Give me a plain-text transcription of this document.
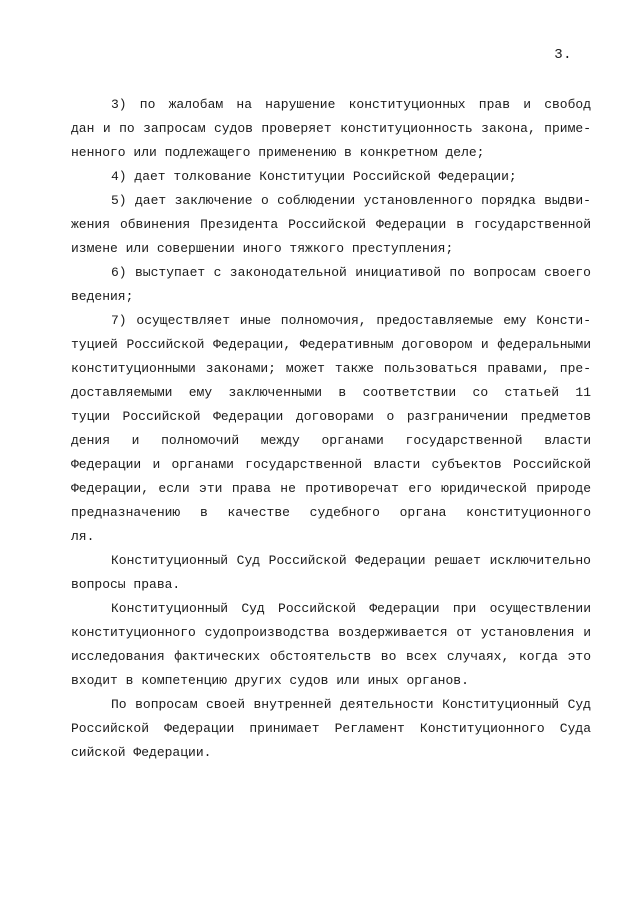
3.
3) по жалобам на нарушение конституционных прав и свобод
дан и по запросам судов проверяет конституционность закона, приме-
ненного или подлежащего применению в конкретном деле;
4) дает толкование Конституции Российской Федерации;
5) дает заключение о соблюдении установленного порядка выдви-
жения обвинения Президента Российской Федерации в государственной
измене или совершении иного тяжкого преступления;
6) выступает с законодательной инициативой по вопросам своего
ведения;
7) осуществляет иные полномочия, предоставляемые ему Консти-
туцией Российской Федерации, Федеративным договором и федеральными
конституционными законами; может также пользоваться правами, пре-
доставляемыми ему заключенными в соответствии со статьей 11
туции Российской Федерации договорами о разграничении предметов
дения и полномочий между органами государственной власти
Федерации и органами государственной власти субъектов Российской
Федерации, если эти права не противоречат его юридической природе
предназначению в качестве судебного органа конституционного
ля.
Конституционный Суд Российской Федерации решает исключительно
вопросы права.
Конституционный Суд Российской Федерации при осуществлении
конституционного судопроизводства воздерживается от установления и
исследования фактических обстоятельств во всех случаях, когда это
входит в компетенцию других судов или иных органов.
По вопросам своей внутренней деятельности Конституционный Суд
Российской Федерации принимает Регламент Конституционного Суда
сийской Федерации.
